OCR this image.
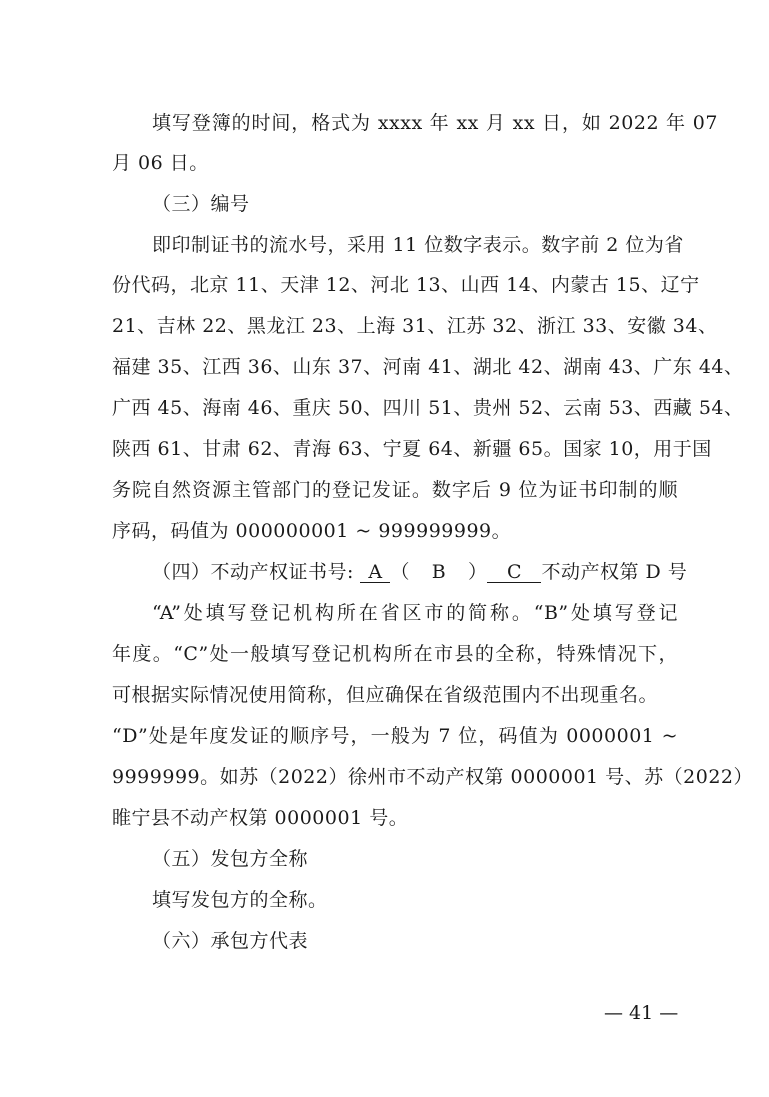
填写登簿的时间，格式为 xxxx 年 xx 月 xx 日，如 2022 年 07
月 06 日。
（三）编号
即印制证书的流水号，采用 11 位数字表示。数字前 2 位为省
份代码，北京 11、天津 12、河北 13、山西 14、内蒙古 15、辽宁
21、吉林 22、黑龙江 23、上海 31、江苏 32、浙江 33、安徽 34、
福建 35、江西 36、山东 37、河南 41、湖北 42、湖南 43、广东 44、
广西 45、海南 46、重庆 50、四川 51、贵州 52、云南 53、西藏 54、
陕西 61、甘肃 62、青海 63、宁夏 64、新疆 65。国家 10，用于国
务院自然资源主管部门的登记发证。数字后 9 位为证书印制的顺
序码，码值为 000000001 ~ 999999999。
（四）不动产权证书号: A （ B ） C 不动产权第 D 号
“A”处填写登记机构所在省区市的简称。“B”处填写登记
年度。“C”处一般填写登记机构所在市县的全称，特殊情况下，
可根据实际情况使用简称，但应确保在省级范围内不出现重名。
“D”处是年度发证的顺序号，一般为 7 位，码值为 0000001 ~
9999999。如苏（2022）徐州市不动产权第 0000001 号、苏（2022）
睢宁县不动产权第 0000001 号。
（五）发包方全称
填写发包方的全称。
（六）承包方代表
— 41 —
